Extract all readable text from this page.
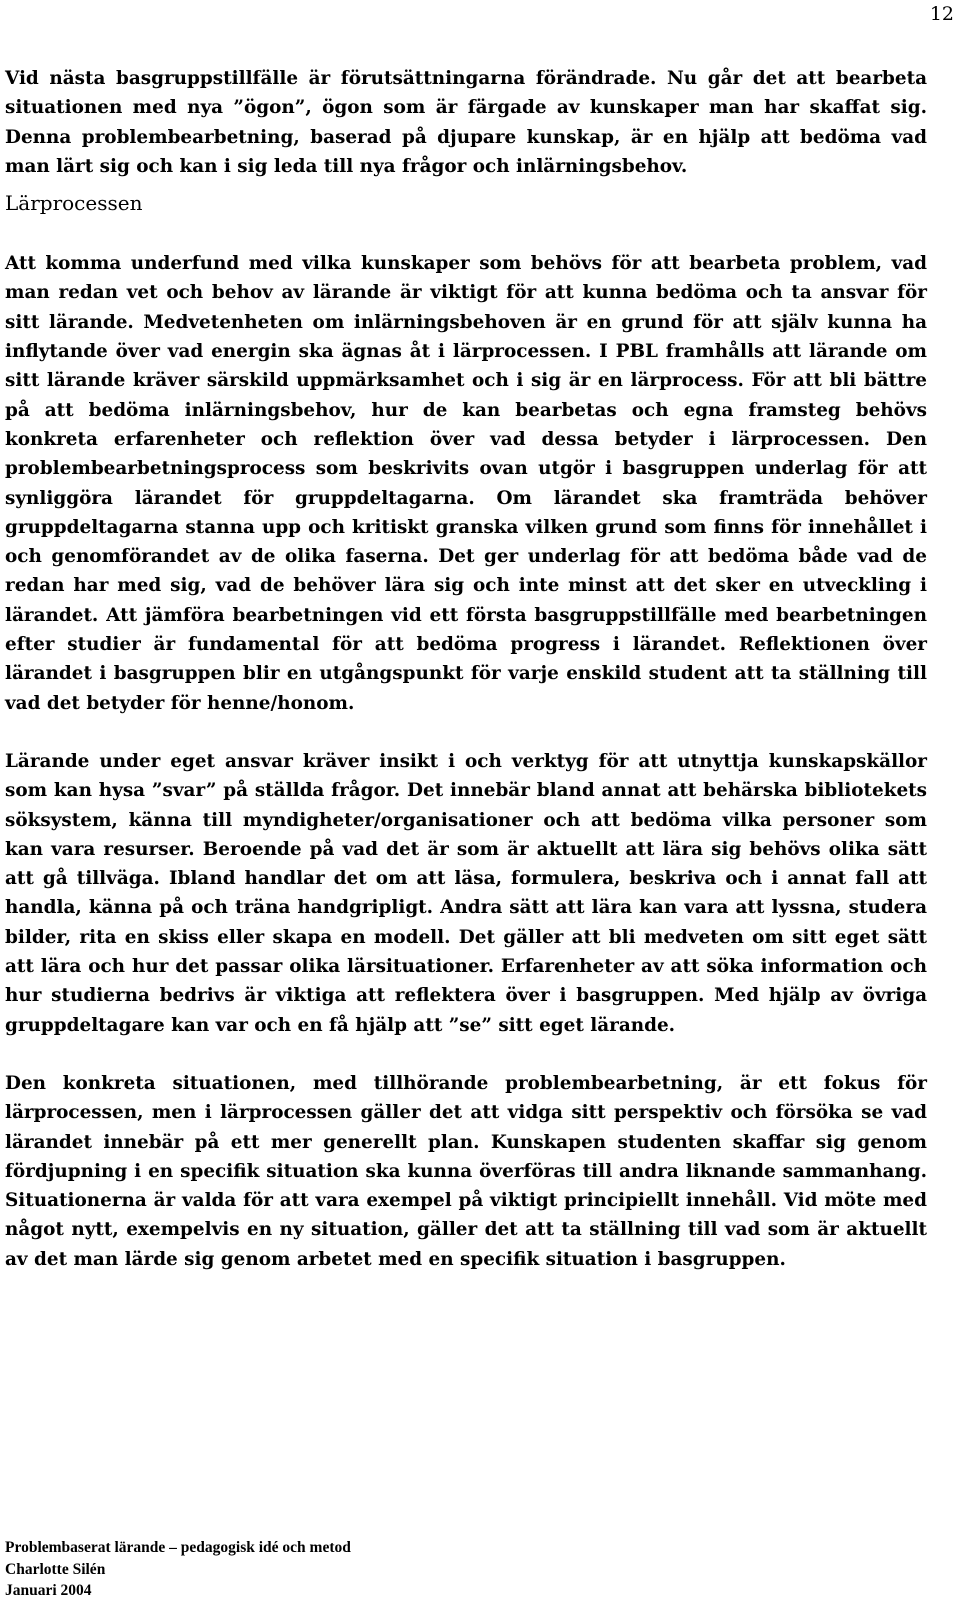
12

Vid nästa basgruppstillfälle är förutsättningarna förändrade. Nu går det att bearbeta situationen med nya ”ögon”, ögon som är färgade av kunskaper man har skaffat sig. Denna problembearbetning, baserad på djupare kunskap, är en hjälp att bedöma vad man lärt sig och kan i sig leda till nya frågor och inlärningsbehov.

Lärprocessen

Att komma underfund med vilka kunskaper som behövs för att bearbeta problem, vad man redan vet och behov av lärande är viktigt för att kunna bedöma och ta ansvar för sitt lärande. Medvetenheten om inlärningsbehoven är en grund för att själv kunna ha inflytande över vad energin ska ägnas åt i lärprocessen. I PBL framhålls att lärande om sitt lärande kräver särskild uppmärksamhet och i sig är en lärprocess. För att bli bättre på att bedöma inlärningsbehov, hur de kan bearbetas och egna framsteg behövs konkreta erfarenheter och reflektion över vad dessa betyder i lärprocessen. Den problembearbetningsprocess som beskrivits ovan utgör i basgruppen underlag för att synliggöra lärandet för gruppdeltagarna. Om lärandet ska framträda behöver gruppdeltagarna stanna upp och kritiskt granska vilken grund som finns för innehållet i och genomförandet av de olika faserna. Det ger underlag för att bedöma både vad de redan har med sig, vad de behöver lära sig och inte minst att det sker en utveckling i lärandet. Att jämföra bearbetningen vid ett första basgruppstillfälle med bearbetningen efter studier är fundamental för att bedöma progress i lärandet. Reflektionen över lärandet i basgruppen blir en utgångspunkt för varje enskild student att ta ställning till vad det betyder för henne/honom.

Lärande under eget ansvar kräver insikt i och verktyg för att utnyttja kunskapskällor som kan hysa ”svar” på ställda frågor. Det innebär bland annat att behärska bibliotekets söksystem, känna till myndigheter/organisationer och att bedöma vilka personer som kan vara resurser. Beroende på vad det är som är aktuellt att lära sig behövs olika sätt att gå tillväga. Ibland handlar det om att läsa, formulera, beskriva och i annat fall att handla, känna på och träna handgripligt. Andra sätt att lära kan vara att lyssna, studera bilder, rita en skiss eller skapa en modell. Det gäller att bli medveten om sitt eget sätt att lära och hur det passar olika lärsituationer. Erfarenheter av att söka information och hur studierna bedrivs är viktiga att reflektera över i basgruppen. Med hjälp av övriga gruppdeltagare kan var och en få hjälp att ”se” sitt eget lärande.

Den konkreta situationen, med tillhörande problembearbetning, är ett fokus för lärprocessen, men i lärprocessen gäller det att vidga sitt perspektiv och försöka se vad lärandet innebär på ett mer generellt plan. Kunskapen studenten skaffar sig genom fördjupning i en specifik situation ska kunna överföras till andra liknande sammanhang. Situationerna är valda för att vara exempel på viktigt principiellt innehåll. Vid möte med något nytt, exempelvis en ny situation, gäller det att ta ställning till vad som är aktuellt av det man lärde sig genom arbetet med en specifik situation i basgruppen.

Problembaserat lärande – pedagogisk idé och metod
Charlotte Silén
Januari 2004
